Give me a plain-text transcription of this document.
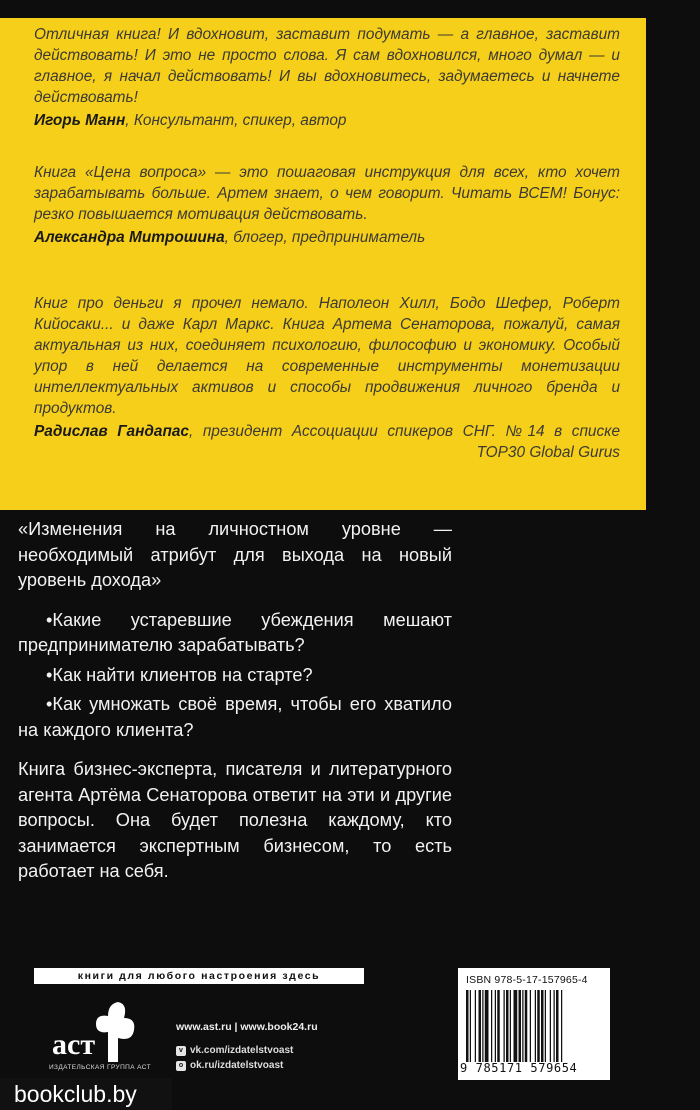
Отличная книга! И вдохновит, заставит подумать — а главное, заставит действовать! И это не просто слова. Я сам вдохновился, много думал — и главное, я начал действовать! И вы вдохновитесь, задумаетесь и начнете действовать!
Игорь Манн, Консультант, спикер, автор
Книга «Цена вопроса» — это пошаговая инструкция для всех, кто хочет зарабатывать больше. Артем знает, о чем говорит. Читать ВСЕМ! Бонус: резко повышается мотивация действовать.
Александра Митрошина, блогер, предприниматель
Книг про деньги я прочел немало. Наполеон Хилл, Бодо Шефер, Роберт Кийосаки... и даже Карл Маркс. Книга Артема Сенаторова, пожалуй, самая актуальная из них, соединяет психологию, философию и экономику. Особый упор в ней делается на современные инструменты монетизации интеллектуальных активов и способы продвижения личного бренда и продуктов.
Радислав Гандапас, президент Ассоциации спикеров СНГ. №14 в списке TOP30 Global Gurus

«Изменения на личностном уровне — необходимый атрибут для выхода на новый уровень дохода»

•Какие устаревшие убеждения мешают предпринимателю зарабатывать?
•Как найти клиентов на старте?
•Как умножать своё время, чтобы его хватило на каждого клиента?
Книга бизнес-эксперта, писателя и литературного агента Артёма Сенаторова ответит на эти и другие вопросы. Она будет полезна каждому, кто занимается экспертным бизнесом, то есть работает на себя.
книги для любого настроения здесь
аст
ИЗДАТЕЛЬСКАЯ ГРУППА АСТ
www.ast.ru | www.book24.ru
v vk.com/izdatelstvoast
o ok.ru/izdatelstvoast
ISBN 978-5-17-157965-4
9 785171 579654
bookclub.by
